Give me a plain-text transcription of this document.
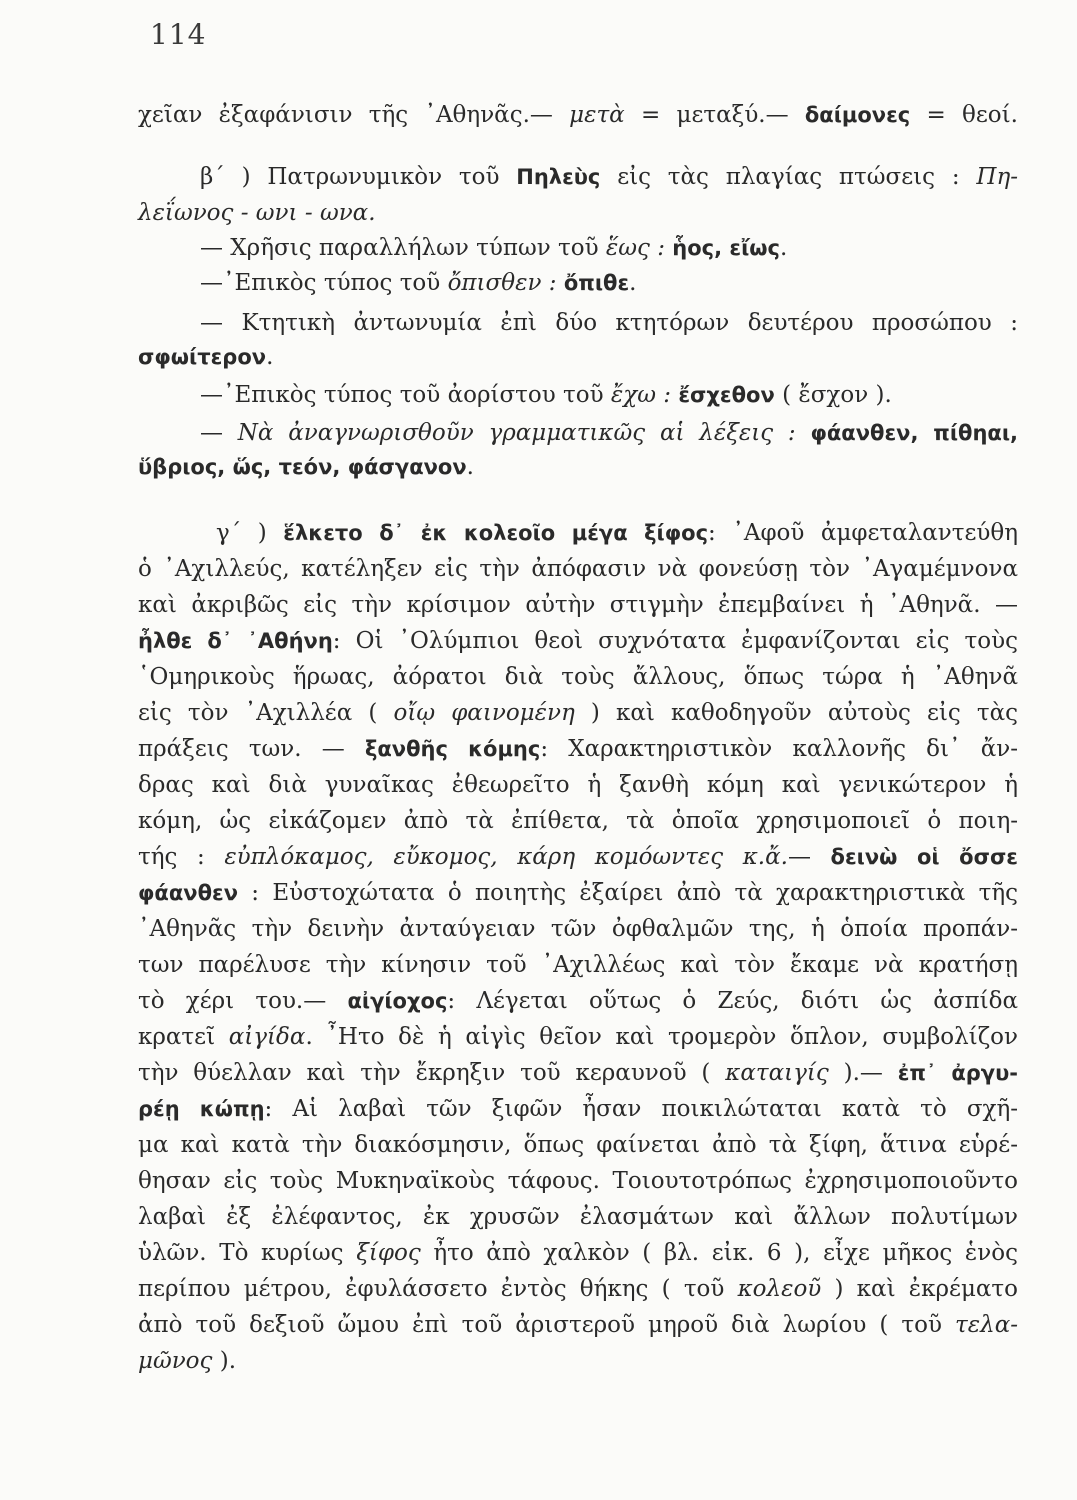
114
χεῖαν ἐξαφάνισιν τῆς ᾿Αθηνᾶς.— μετὰ = μεταξύ.— δαίμονες = θεοί.
β΄ ) Πατρωνυμικὸν τοῦ Πηλεὺς εἰς τὰς πλαγίας πτώσεις : Πη-
λεΐωνος - ωνι - ωνα.
— Χρῆσις παραλλήλων τύπων τοῦ ἕως : ἧος, εἴως.
—᾿Επικὸς τύπος τοῦ ὄπισθεν : ὄπιθε.
— Κτητικὴ ἀντωνυμία ἐπὶ δύο κτητόρων δευτέρου προσώπου :
σφωίτερον.
—᾿Επικὸς τύπος τοῦ ἀορίστου τοῦ ἔχω : ἔσχεθον ( ἔσχον ).
— Νὰ ἀναγνωρισθοῦν γραμματικῶς αἱ λέξεις : φάανθεν, πίθηαι,
ὕβριος, ὥς, τεόν, φάσγανον.
γ΄ ) ἕλκετο δ᾿ ἐκ κολεοῖο μέγα ξίφος: ᾿Αφοῦ ἀμφεταλαντεύθη
ὁ ᾿Αχιλλεύς, κατέληξεν εἰς τὴν ἀπόφασιν νὰ φονεύσῃ τὸν ᾿Αγαμέμνονα
καὶ ἀκριβῶς εἰς τὴν κρίσιμον αὐτὴν στιγμὴν ἐπεμβαίνει ἡ ᾿Αθηνᾶ. —
ἦλθε δ᾿ ᾿Αθήνη: Οἱ ᾿Ολύμπιοι θεοὶ συχνότατα ἐμφανίζονται εἰς τοὺς
῾Ομηρικοὺς ἥρωας, ἀόρατοι διὰ τοὺς ἄλλους, ὅπως τώρα ἡ ᾿Αθηνᾶ
εἰς τὸν ᾿Αχιλλέα ( οἴῳ φαινομένη ) καὶ καθοδηγοῦν αὐτοὺς εἰς τὰς
πράξεις των. — ξανθῆς κόμης: Χαρακτηριστικὸν καλλονῆς δι᾿ ἄν-
δρας καὶ διὰ γυναῖκας ἐθεωρεῖτο ἡ ξανθὴ κόμη καὶ γενικώτερον ἡ
κόμη, ὡς εἰκάζομεν ἀπὸ τὰ ἐπίθετα, τὰ ὁποῖα χρησιμοποιεῖ ὁ ποιη-
τής : εὐπλόκαμος, εὔκομος, κάρη κομόωντες κ.ἄ.— δεινὼ οἱ ὄσσε
φάανθεν : Εὐστοχώτατα ὁ ποιητὴς ἐξαίρει ἀπὸ τὰ χαρακτηριστικὰ τῆς
᾿Αθηνᾶς τὴν δεινὴν ἀνταύγειαν τῶν ὀφθαλμῶν της, ἡ ὁποία προπάν-
των παρέλυσε τὴν κίνησιν τοῦ ᾿Αχιλλέως καὶ τὸν ἔκαμε νὰ κρατήσῃ
τὸ χέρι του.— αἰγίοχος: Λέγεται οὕτως ὁ Ζεύς, διότι ὡς ἀσπίδα
κρατεῖ αἰγίδα. ῏Ητο δὲ ἡ αἰγὶς θεῖον καὶ τρομερὸν ὅπλον, συμβολίζον
τὴν θύελλαν καὶ τὴν ἔκρηξιν τοῦ κεραυνοῦ ( καταιγίς ).— ἐπ᾿ ἀργυ-
ρέῃ κώπῃ: Αἱ λαβαὶ τῶν ξιφῶν ἦσαν ποικιλώταται κατὰ τὸ σχῆ-
μα καὶ κατὰ τὴν διακόσμησιν, ὅπως φαίνεται ἀπὸ τὰ ξίφη, ἅτινα εὑρέ-
θησαν εἰς τοὺς Μυκηναϊκοὺς τάφους. Τοιουτοτρόπως ἐχρησιμοποιοῦντο
λαβαὶ ἐξ ἐλέφαντος, ἐκ χρυσῶν ἐλασμάτων καὶ ἄλλων πολυτίμων
ὑλῶν. Τὸ κυρίως ξίφος ἦτο ἀπὸ χαλκὸν ( βλ. εἰκ. 6 ), εἶχε μῆκος ἑνὸς
περίπου μέτρου, ἐφυλάσσετο ἐντὸς θήκης ( τοῦ κολεοῦ ) καὶ ἐκρέματο
ἀπὸ τοῦ δεξιοῦ ὤμου ἐπὶ τοῦ ἀριστεροῦ μηροῦ διὰ λωρίου ( τοῦ τελα-
μῶνος ).
